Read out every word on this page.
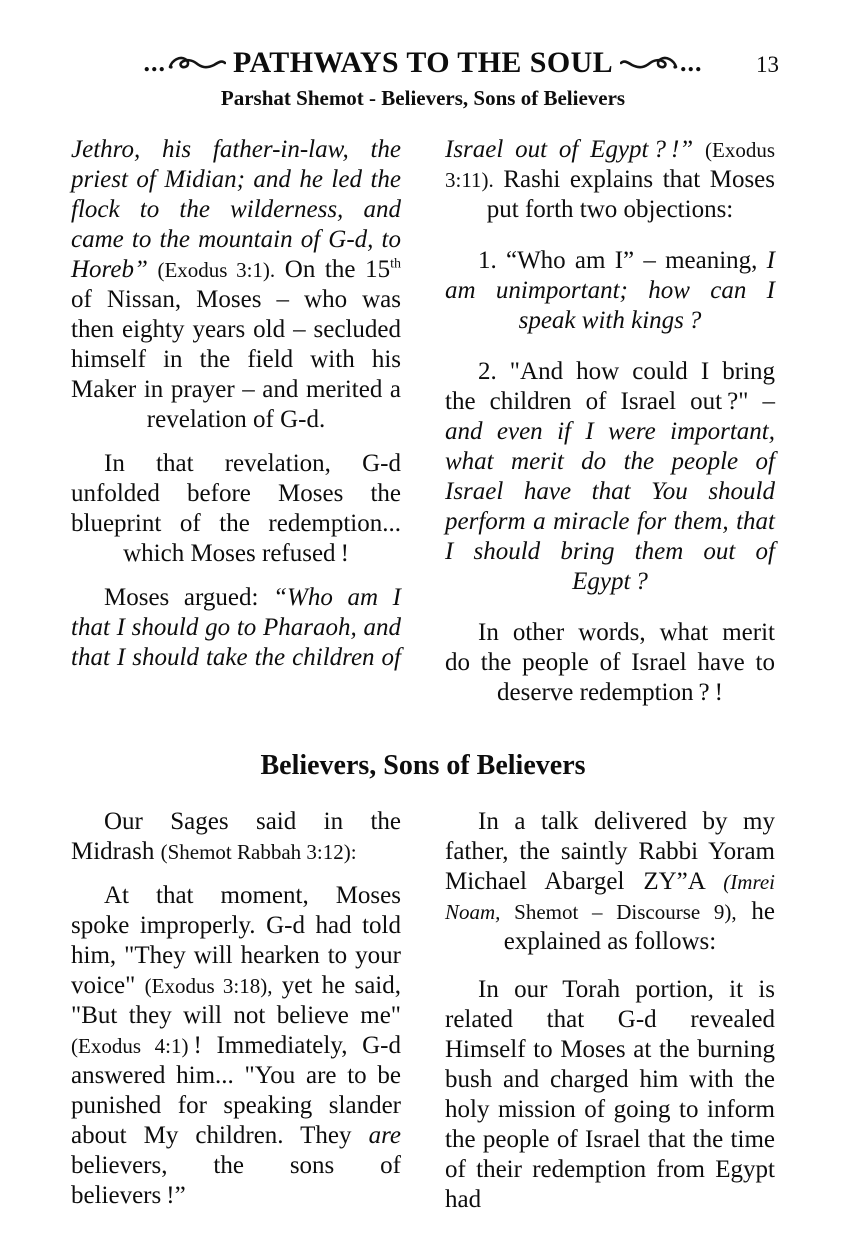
... PATHWAYS TO THE SOUL	... 13
Parshat Shemot - Believers, Sons of Believers

Jethro, his father-in-law, the priest of Midian; and he led the flock to the wilderness, and came to the mountain of G-d, to Horeb” (Exodus 3:1). On the 15th of Nissan, Moses – who was then eighty years old – secluded himself in the field with his Maker in prayer – and merited a revelation of G-d.

In that revelation, G-d unfolded before Moses the blueprint of the redemption... which Moses refused !

Moses argued: “Who am I that I should go to Pharaoh, and that I should take the children of

Israel out of Egypt ? !” (Exodus 3:11). Rashi explains that Moses put forth two objections:

1. “Who am I” – meaning, I am unimportant; how can I speak with kings ?

2. "And how could I bring the children of Israel out ?" – and even if I were important, what merit do the people of Israel have that You should perform a miracle for them, that I should bring them out of Egypt ?

In other words, what merit do the people of Israel have to deserve redemption ? !

Believers, Sons of Believers

Our Sages said in the Midrash (Shemot Rabbah 3:12):

At that moment, Moses spoke improperly. G-d had told him, "They will hearken to your voice" (Exodus 3:18), yet he said, "But they will not believe me" (Exodus 4:1) ! Immediately, G-d answered him... "You are to be punished for speaking slander about My children. They are believers, the sons of believers !”

In a talk delivered by my father, the saintly Rabbi Yoram Michael Abargel ZY”A (Imrei Noam, Shemot – Discourse 9), he explained as follows:

In our Torah portion, it is related that G-d revealed Himself to Moses at the burning bush and charged him with the holy mission of going to inform the people of Israel that the time of their redemption from Egypt had
